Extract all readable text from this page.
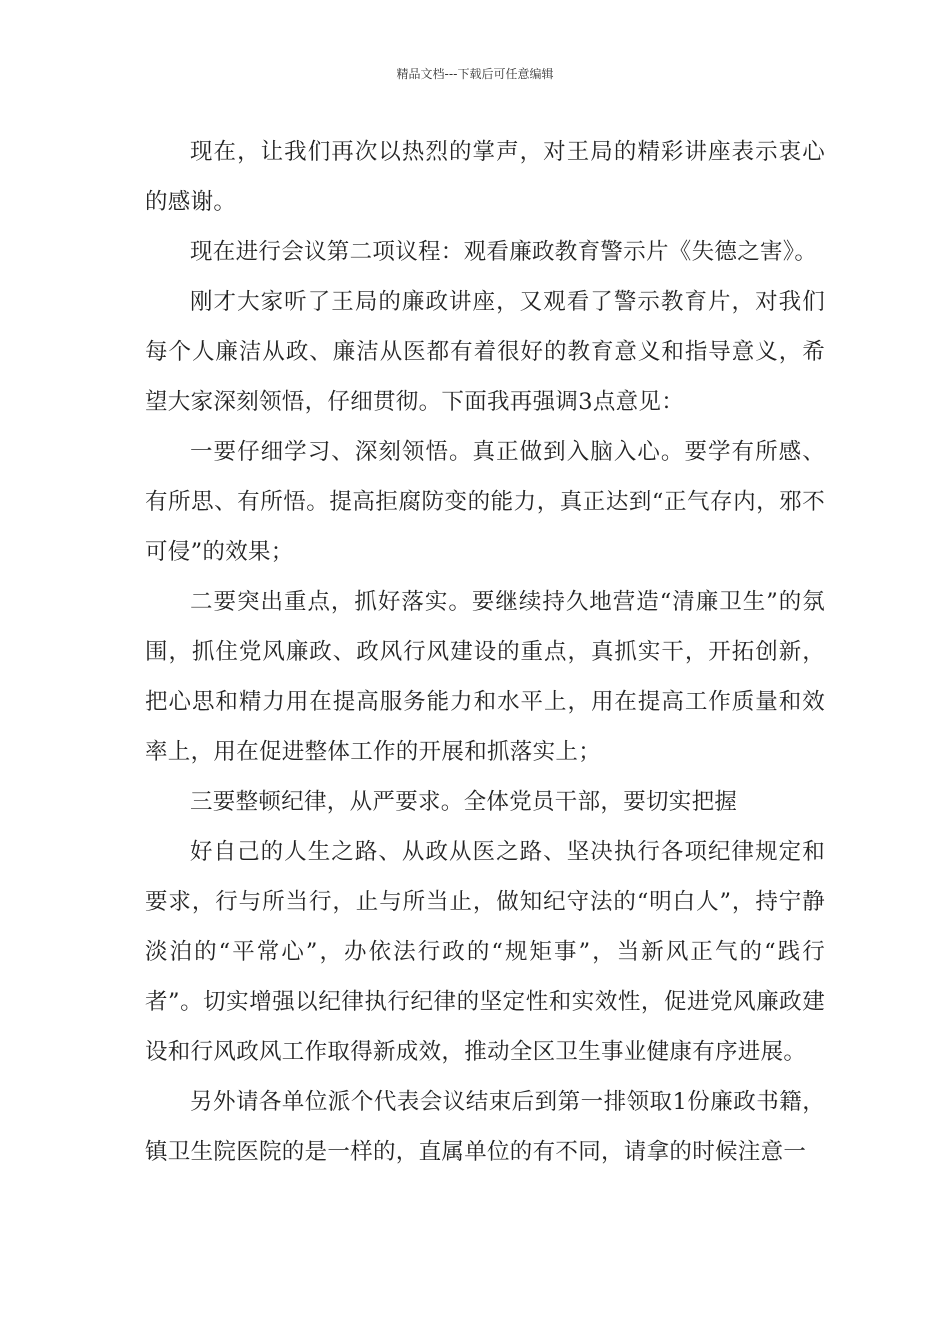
精品文档---下载后可任意编辑

现在，让我们再次以热烈的掌声，对王局的精彩讲座表示衷心的感谢。

现在进行会议第二项议程：观看廉政教育警示片《失德之害》。

刚才大家听了王局的廉政讲座，又观看了警示教育片，对我们每个人廉洁从政、廉洁从医都有着很好的教育意义和指导意义，希望大家深刻领悟，仔细贯彻。下面我再强调3点意见：

一要仔细学习、深刻领悟。真正做到入脑入心。要学有所感、有所思、有所悟。提高拒腐防变的能力，真正达到“正气存内，邪不可侵”的效果；

二要突出重点，抓好落实。要继续持久地营造“清廉卫生”的氛围，抓住党风廉政、政风行风建设的重点，真抓实干，开拓创新，把心思和精力用在提高服务能力和水平上，用在提高工作质量和效率上，用在促进整体工作的开展和抓落实上；

三要整顿纪律，从严要求。全体党员干部，要切实把握

好自己的人生之路、从政从医之路、坚决执行各项纪律规定和要求，行与所当行，止与所当止，做知纪守法的“明白人”，持宁静淡泊的“平常心”，办依法行政的“规矩事”，当新风正气的“践行者”。切实增强以纪律执行纪律的坚定性和实效性，促进党风廉政建设和行风政风工作取得新成效，推动全区卫生事业健康有序进展。

另外请各单位派个代表会议结束后到第一排领取1份廉政书籍，镇卫生院医院的是一样的，直属单位的有不同，请拿的时候注意一
